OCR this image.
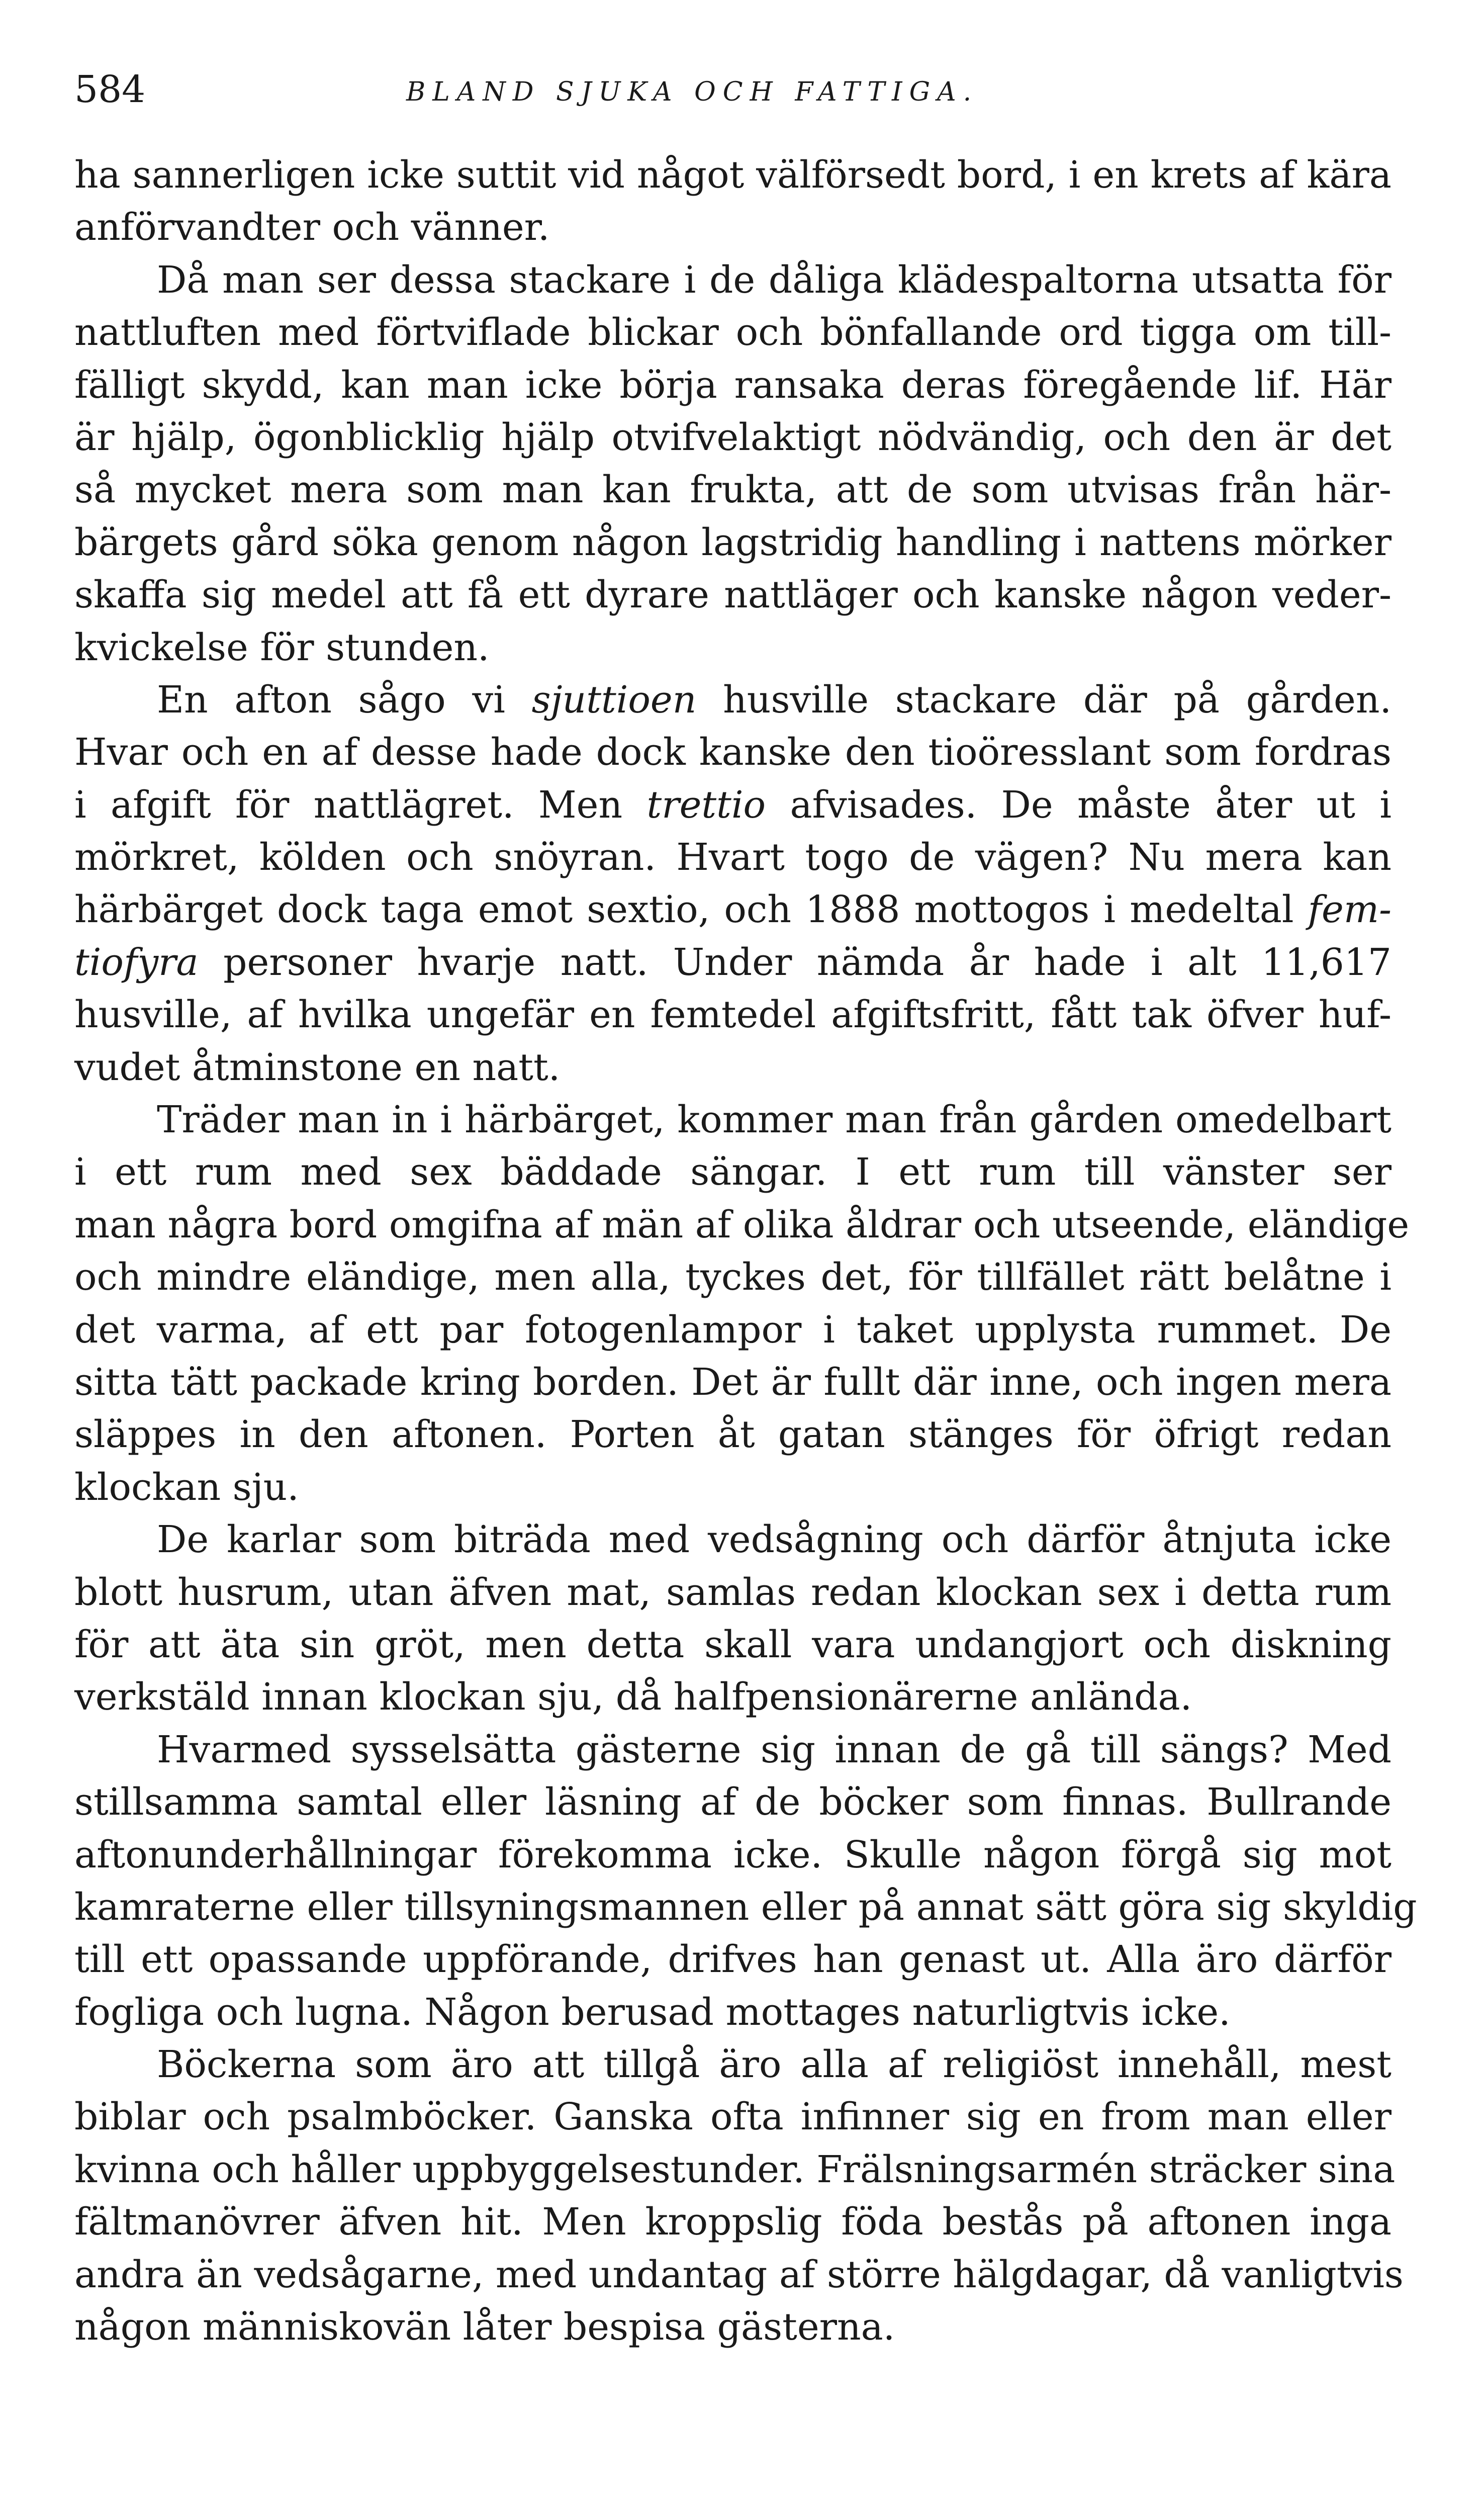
584	BLAND SJUKA OCH FATTIGA.
ha sannerligen icke suttit vid något välförsedt bord, i en krets af kära
anförvandter och vänner.
Då man ser dessa stackare i de dåliga klädespaltorna utsatta för
nattluften med förtviflade blickar och bönfallande ord tigga om till-
fälligt skydd, kan man icke börja ransaka deras föregående lif. Här
är hjälp, ögonblicklig hjälp otvifvelaktigt nödvändig, och den är det
så mycket mera som man kan frukta, att de som utvisas från här-
bärgets gård söka genom någon lagstridig handling i nattens mörker
skaffa sig medel att få ett dyrare nattläger och kanske någon veder-
kvickelse för stunden.
En afton sågo vi sjuttioen husville stackare där på gården.
Hvar och en af desse hade dock kanske den tioöresslant som fordras
i afgift för nattlägret. Men trettio afvisades. De måste åter ut i
mörkret, kölden och snöyran. Hvart togo de vägen? Nu mera kan
härbärget dock taga emot sextio, och 1888 mottogos i medeltal fem-
tiofyra personer hvarje natt. Under nämda år hade i alt 11,617
husville, af hvilka ungefär en femtedel afgiftsfritt, fått tak öfver huf-
vudet åtminstone en natt.
Träder man in i härbärget, kommer man från gården omedelbart
i ett rum med sex bäddade sängar. I ett rum till vänster ser
man några bord omgifna af män af olika åldrar och utseende, eländige
och mindre eländige, men alla, tyckes det, för tillfället rätt belåtne i
det varma, af ett par fotogenlampor i taket upplysta rummet. De
sitta tätt packade kring borden. Det är fullt där inne, och ingen mera
släppes in den aftonen. Porten åt gatan stänges för öfrigt redan
klockan sju.
De karlar som biträda med vedsågning och därför åtnjuta icke
blott husrum, utan äfven mat, samlas redan klockan sex i detta rum
för att äta sin gröt, men detta skall vara undangjort och diskning
verkstäld innan klockan sju, då halfpensionärerne anlända.
Hvarmed sysselsätta gästerne sig innan de gå till sängs? Med
stillsamma samtal eller läsning af de böcker som finnas. Bullrande
aftonunderhållningar förekomma icke. Skulle någon förgå sig mot
kamraterne eller tillsyningsmannen eller på annat sätt göra sig skyldig
till ett opassande uppförande, drifves han genast ut. Alla äro därför
fogliga och lugna. Någon berusad mottages naturligtvis icke.
Böckerna som äro att tillgå äro alla af religiöst innehåll, mest
biblar och psalmböcker. Ganska ofta infinner sig en from man eller
kvinna och håller uppbyggelsestunder. Frälsningsarmén sträcker sina
fältmanövrer äfven hit. Men kroppslig föda bestås på aftonen inga
andra än vedsågarne, med undantag af större hälgdagar, då vanligtvis
någon människovän låter bespisa gästerna.
